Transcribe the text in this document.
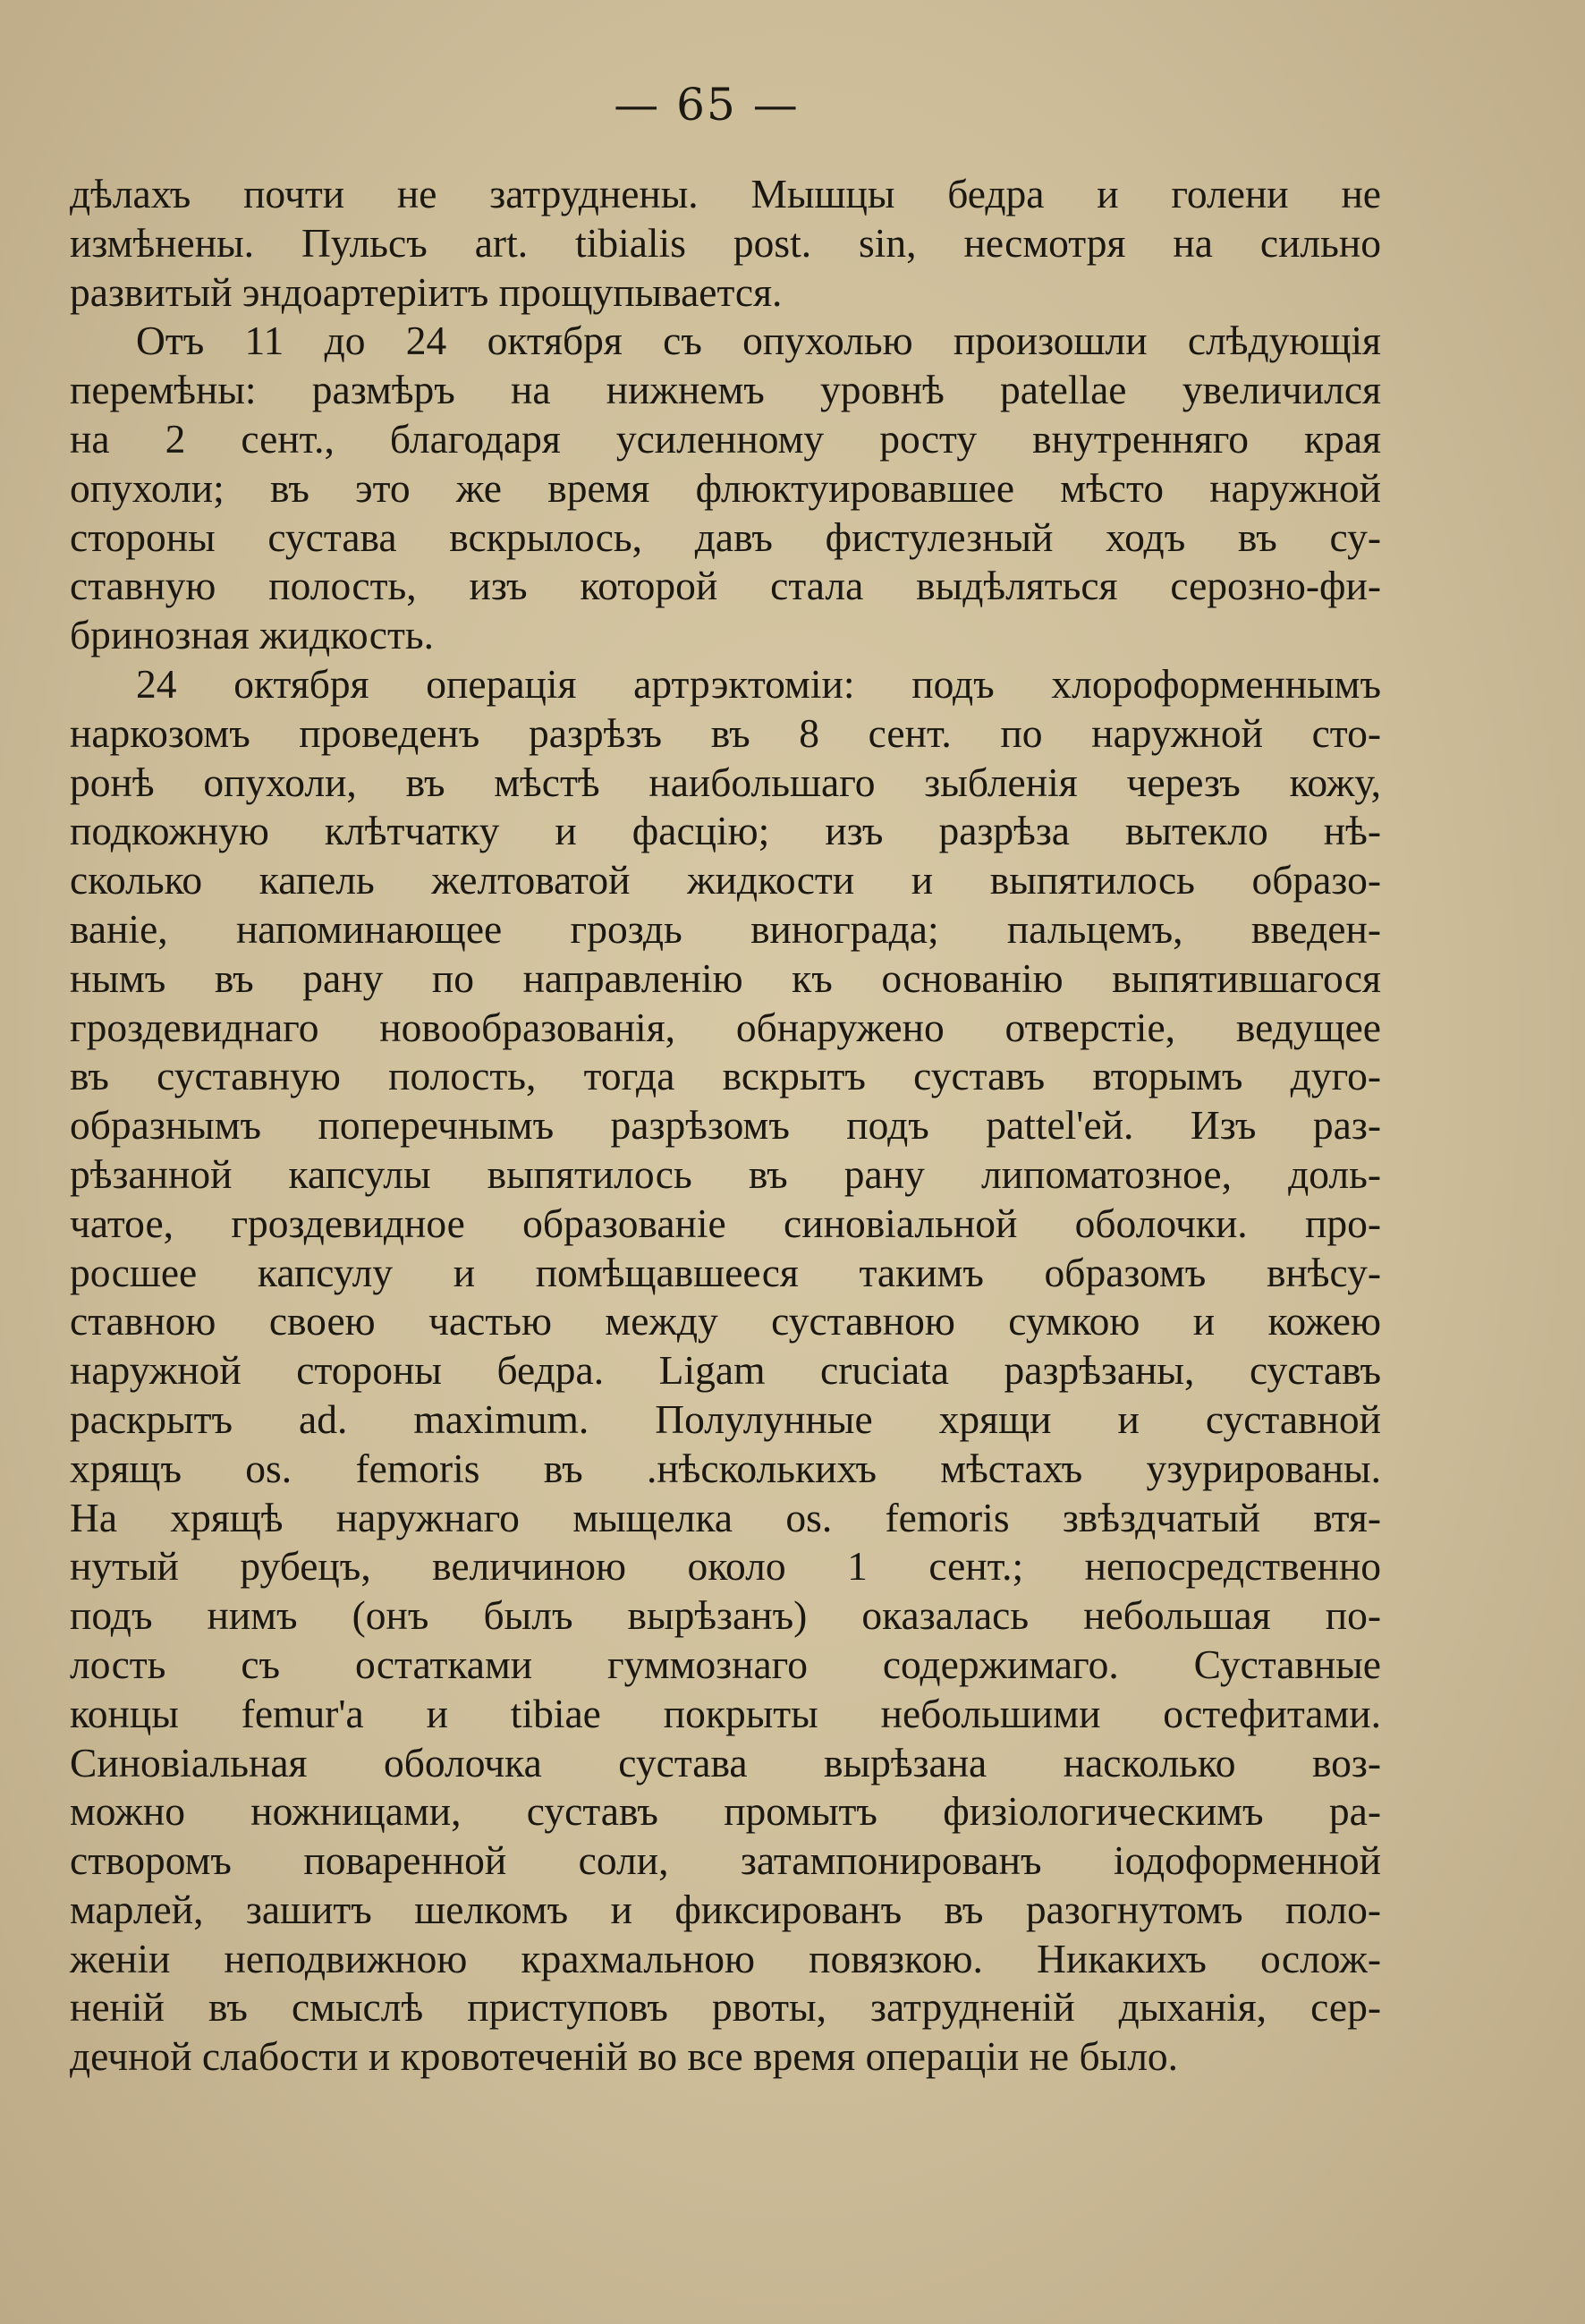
— 65 —
дѣлахъ почти не затруднены. Мышцы бедра и голени не
измѣнены. Пульсъ art. tibialis post. sin, несмотря на сильно
развитый эндоартеріитъ прощупывается.
Отъ 11 до 24 октября съ опухолью произошли слѣдующія
перемѣны: размѣръ на нижнемъ уровнѣ patellae увеличился
на 2 сент., благодаря усиленному росту внутренняго края
опухоли; въ это же время флюктуировавшее мѣсто наружной
стороны сустава вскрылось, давъ фистулезный ходъ въ су-
ставную полость, изъ которой стала выдѣляться серозно-фи-
бринозная жидкость.
24 октября операція артрэктоміи: подъ хлороформеннымъ
наркозомъ проведенъ разрѣзъ въ 8 сент. по наружной сто-
ронѣ опухоли, въ мѣстѣ наибольшаго зыбленія черезъ кожу,
подкожную клѣтчатку и фасцію; изъ разрѣза вытекло нѣ-
сколько капель желтоватой жидкости и выпятилось образо-
ваніе, напоминающее гроздь винограда; пальцемъ, введен-
нымъ въ рану по направленію къ основанію выпятившагося
гроздевиднаго новообразованія, обнаружено отверстіе, ведущее
въ суставную полость, тогда вскрытъ суставъ вторымъ дуго-
образнымъ поперечнымъ разрѣзомъ подъ pattel'ей. Изъ раз-
рѣзанной капсулы выпятилось въ рану липоматозное, доль-
чатое, гроздевидное образованіе синовіальной оболочки. про-
росшее капсулу и помѣщавшееся такимъ образомъ внѣсу-
ставною своею частью между суставною сумкою и кожею
наружной стороны бедра. Ligam cruciata разрѣзаны, суставъ
раскрытъ ad. maximum. Полулунные хрящи и суставной
хрящъ os. femoris въ .нѣсколькихъ мѣстахъ узурированы.
На хрящѣ наружнаго мыщелка os. femoris звѣздчатый втя-
нутый рубецъ, величиною около 1 сент.; непосредственно
подъ нимъ (онъ былъ вырѣзанъ) оказалась небольшая по-
лость съ остатками гуммознаго содержимаго. Суставные
концы femur'а и tibiae покрыты небольшими остефитами.
Синовіальная оболочка сустава вырѣзана насколько воз-
можно ножницами, суставъ промытъ физіологическимъ ра-
створомъ поваренной соли, затампонированъ іодоформенной
марлей, зашитъ шелкомъ и фиксированъ въ разогнутомъ поло-
женіи неподвижною крахмальною повязкою. Никакихъ ослож-
неній въ смыслѣ приступовъ рвоты, затрудненій дыханія, сер-
дечной слабости и кровотеченій во все время операціи не было.
